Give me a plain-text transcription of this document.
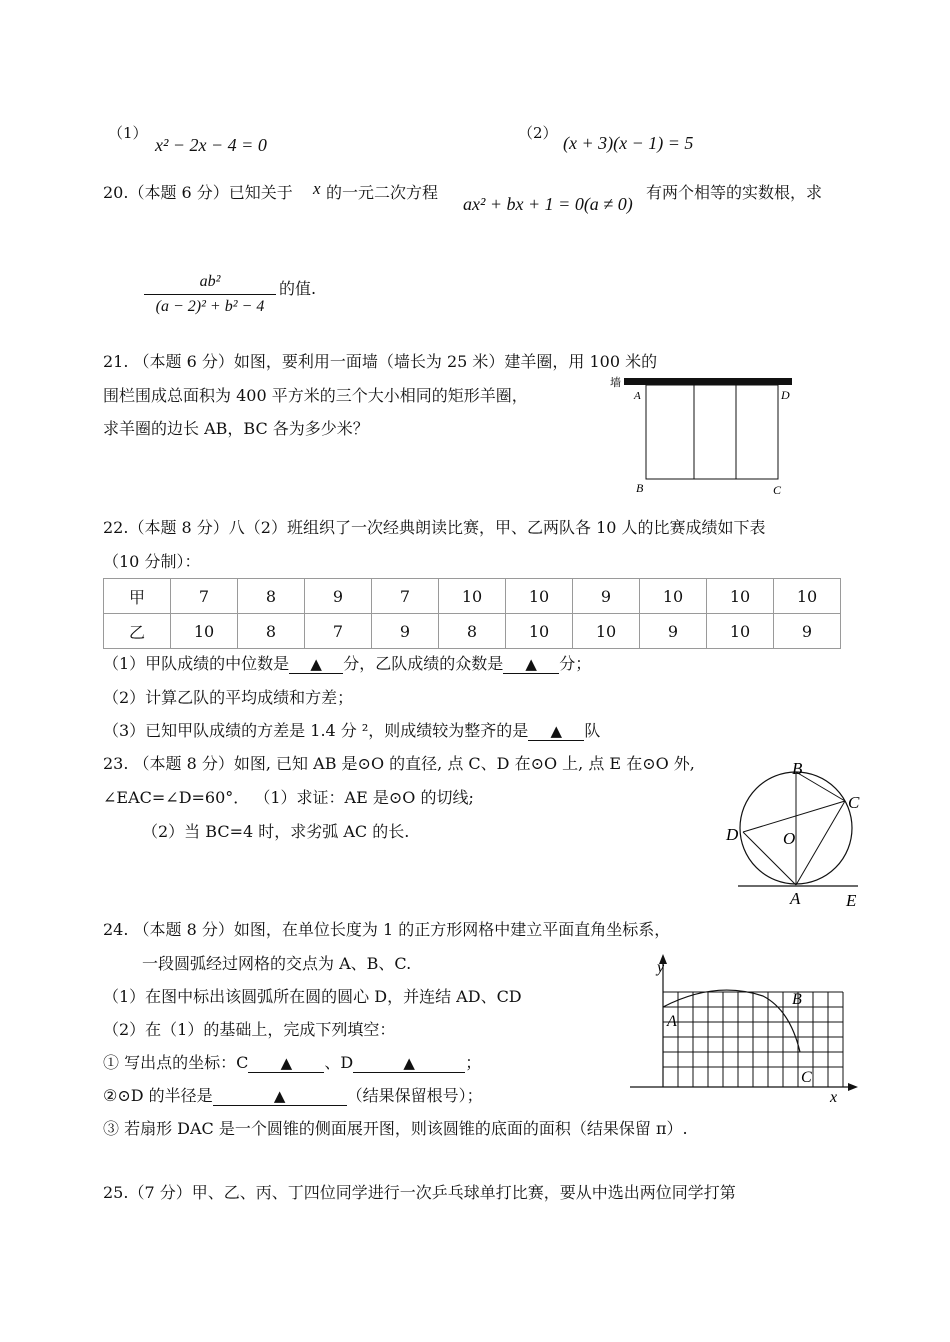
（1）
x² − 2x − 4 = 0
（2） (x + 3)(x − 1) = 5
20.（本题 6 分）已知关于 x 的一元二次方程
ax² + bx + 1 = 0(a ≠ 0)
有两个相等的实数根，求
ab²
(a − 2)² + b² − 4
的值.
21. （本题 6 分）如图，要利用一面墙（墙长为 25 米）建羊圈，用 100 米的
围栏围成总面积为 400 平方米的三个大小相同的矩形羊圈，
求羊圈的边长 AB，BC 各为多少米？
墙
A	D
B	C
22.（本题 8 分）八（2）班组织了一次经典朗读比赛，甲、乙两队各 10 人的比赛成绩如下表
（10 分制）：
甲	7	8	9	7	10	10	9	10	10	10
乙	10	8	7	9	8	10	10	9	10	9
（1）甲队成绩的中位数是 ▲ 分，乙队成绩的众数是 ▲ 分；
（2）计算乙队的平均成绩和方差；
（3）已知甲队成绩的方差是 1.4 分 ²，则成绩较为整齐的是 ▲ 队
23. （本题 8 分）如图, 已知 AB 是⊙O 的直径, 点 C、D 在⊙O 上, 点 E 在⊙O 外,
∠EAC=∠D=60°． （1）求证：AE 是⊙O 的切线;
（2）当 BC=4 时，求劣弧 AC 的长.
B
C
D	O
A	E
24. （本题 8 分）如图，在单位长度为 1 的正方形网格中建立平面直角坐标系，
一段圆弧经过网格的交点为 A、B、C.
（1）在图中标出该圆弧所在圆的圆心 D，并连结 AD、CD
（2）在（1）的基础上，完成下列填空：
① 写出点的坐标：C ▲ 、D	▲	；
②⊙D 的半径是	▲	（结果保留根号）；
③ 若扇形 DAC 是一个圆锥的侧面展开图，则该圆锥的底面的面积（结果保留 π）.
y
x
A
B
C
25.（7 分）甲、乙、丙、丁四位同学进行一次乒乓球单打比赛，要从中选出两位同学打第
